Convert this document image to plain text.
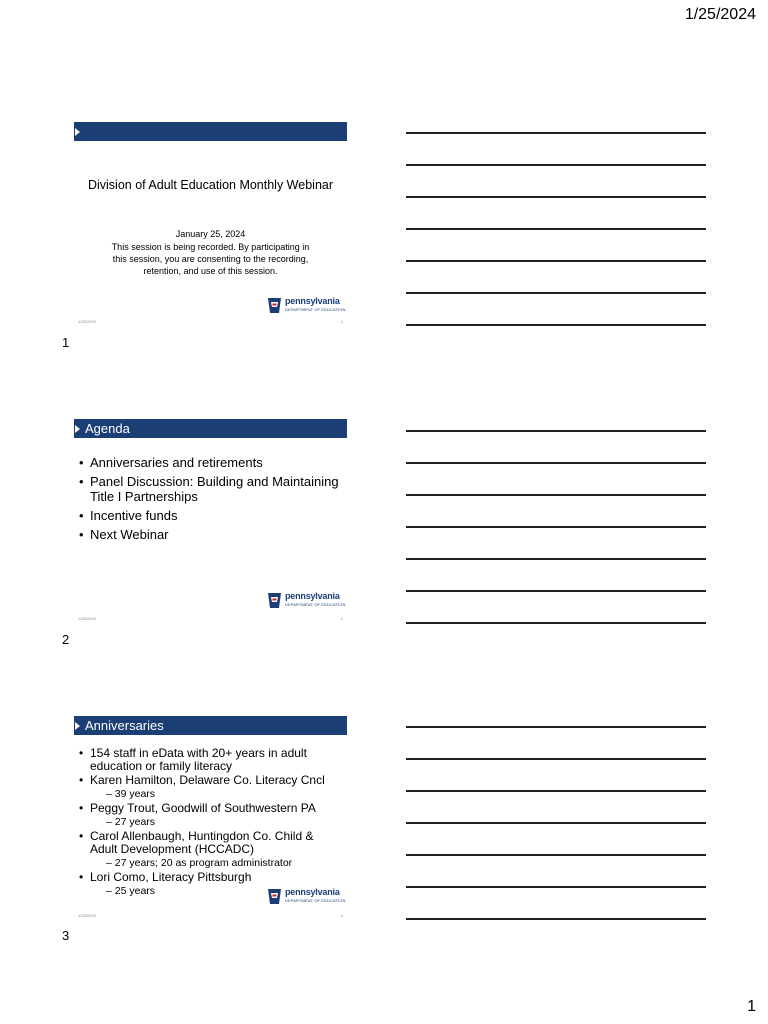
1/25/2024
Division of Adult Education Monthly Webinar
January 25, 2024
This session is being recorded. By participating in this session, you are consenting to the recording, retention, and use of this session.
pennsylvania
DEPARTMENT OF EDUCATION
1/25/2024	1
1
Agenda
• Anniversaries and retirements
• Panel Discussion: Building and Maintaining Title I Partnerships
• Incentive funds
• Next Webinar
pennsylvania
DEPARTMENT OF EDUCATION
1/25/2024	2
2
Anniversaries
• 154 staff in eData with 20+ years in adult education or family literacy
• Karen Hamilton, Delaware Co. Literacy Cncl
– 39 years
• Peggy Trout, Goodwill of Southwestern PA
– 27 years
• Carol Allenbaugh, Huntingdon Co. Child & Adult Development (HCCADC)
– 27 years; 20 as program administrator
• Lori Como, Literacy Pittsburgh
– 25 years	pennsylvania
DEPARTMENT OF EDUCATION
1/25/2024	3
3
1
